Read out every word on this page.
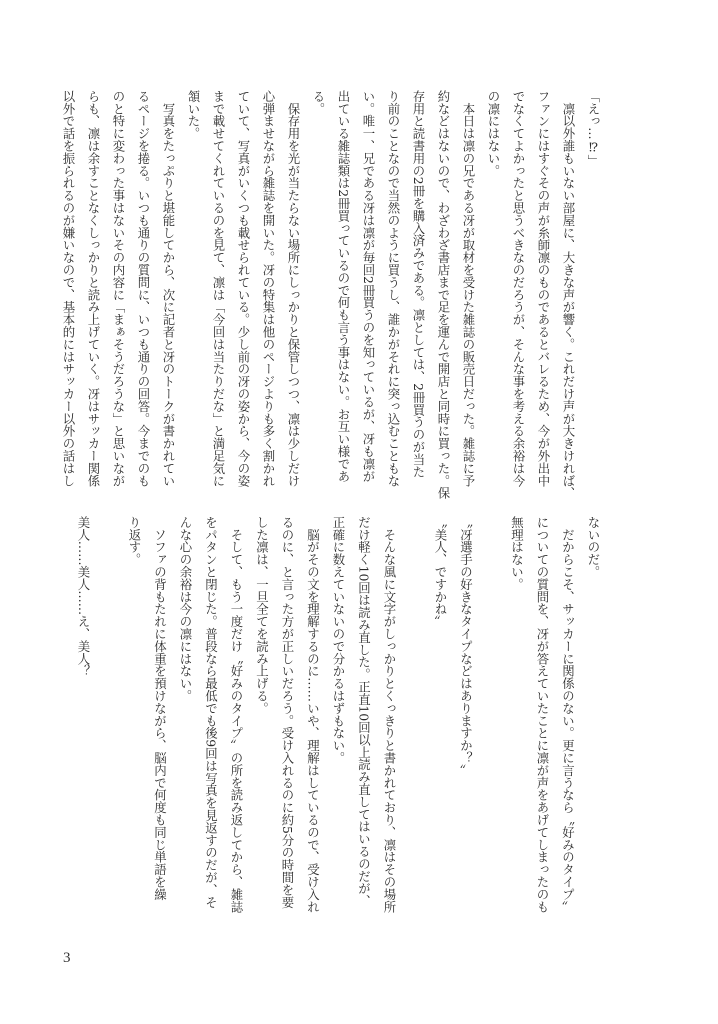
「えっ…⁉」
　凛以外誰もいない部屋に、大きな声が響く。これだけ声が大きければ、
ファンにはすぐその声が糸師凛のものであるとバレるため、今が外出中
でなくてよかったと思うべきなのだろうが、そんな事を考える余裕は今
の凛にはない。
　本日は凛の兄である冴が取材を受けた雑誌の販売日だった。雑誌に予
約などはないので、わざわざ書店まで足を運んで開店と同時に買った。保
存用と読書用の2冊を購入済みである。凛としては、2冊買うのが当た
り前のことなので当然のように買うし、誰かがそれに突っ込むこともな
い。唯一、兄である冴は凛が毎回2冊買うのを知っているが、冴も凛が
出ている雑誌類は2冊買っているので何も言う事はない。お互い様であ
る。
　保存用を光が当たらない場所にしっかりと保管しつつ、凛は少しだけ
心弾ませながら雑誌を開いた。冴の特集は他のページよりも多く割かれ
ていて、写真がいくつも載せられている。少し前の冴の姿から、今の姿
まで載せてくれているのを見て、凛は「今回は当たりだな」と満足気に
頷いた。
　写真をたっぷりと堪能してから、次に記者と冴のトークが書かれてい
るページを捲る。いつも通りの質問に、いつも通りの回答。今までのも
のと特に変わった事はないその内容に「まぁそうだろうな」と思いなが
らも、凛は余すことなくしっかりと読み上げていく。冴はサッカー関係
以外で話を振られるのが嫌いなので、基本的にはサッカー以外の話はし
ないのだ。
　だからこそ、サッカーに関係のない。更に言うなら〝好みのタイプ〟
についての質問を、冴が答えていたことに凛が声をあげてしまったのも
無理はない。
〝冴選手の好きなタイプなどはありますか？〟
〝美人、ですかね〟
　そんな風に文字がしっかりとくっきりと書かれており、凛はその場所
だけ軽く10回は読み直した。正直10回以上読み直してはいるのだが、
正確に数えていないので分かるはずもない。
　脳がその文を理解するのに……いや、理解はしているので、受け入れ
るのに、と言った方が正しいだろう。受け入れるのに約5分の時間を要
した凛は、一旦全てを読み上げる。
　そして、もう一度だけ〝好みのタイプ〟の所を読み返してから、雑誌
をパタンと閉じた。普段なら最低でも後9回は写真を見返すのだが、そ
んな心の余裕は今の凛にはない。
　ソファの背もたれに体重を預けながら、脳内で何度も同じ単語を繰
り返す。
美人……美人……え、美人？
3
